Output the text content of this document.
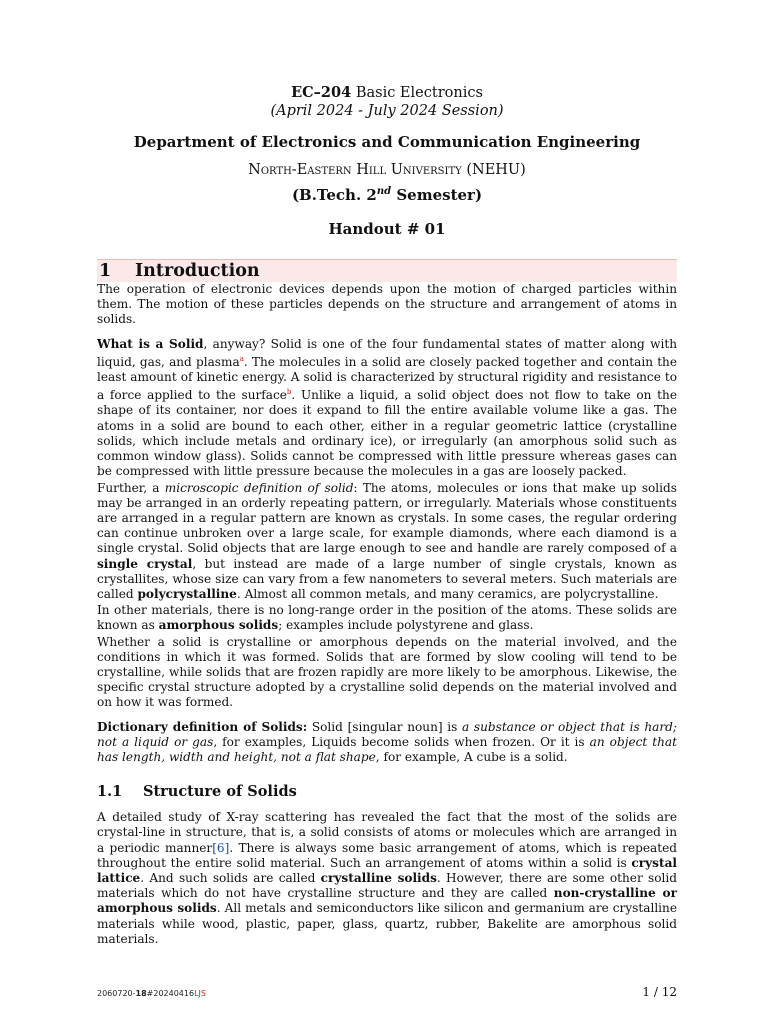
EC–204 Basic Electronics
(April 2024 - July 2024 Session)
Department of Electronics and Communication Engineering
North-Eastern Hill University (NEHU)
(B.Tech. 2nd Semester)
Handout # 01
1 Introduction

The operation of electronic devices depends upon the motion of charged particles within them. The motion of these particles depends on the structure and arrangement of atoms in solids.

What is a Solid, anyway? Solid is one of the four fundamental states of matter along with liquid, gas, and plasma$^a$. The molecules in a solid are closely packed together and contain the least amount of kinetic energy. A solid is characterized by structural rigidity and resistance to a force applied to the surface$^b$. Unlike a liquid, a solid object does not flow to take on the shape of its container, nor does it expand to fill the entire available volume like a gas. The atoms in a solid are bound to each other, either in a regular geometric lattice (crystalline solids, which include metals and ordinary ice), or irregularly (an amorphous solid such as common window glass). Solids cannot be compressed with little pressure whereas gases can be compressed with little pressure because the molecules in a gas are loosely packed.

Further, a microscopic definition of solid: The atoms, molecules or ions that make up solids may be arranged in an orderly repeating pattern, or irregularly. Materials whose constituents are arranged in a regular pattern are known as crystals. In some cases, the regular ordering can continue unbroken over a large scale, for example diamonds, where each diamond is a single crystal. Solid objects that are large enough to see and handle are rarely composed of a single crystal, but instead are made of a large number of single crystals, known as crystallites, whose size can vary from a few nanometers to several meters. Such materials are called polycrystalline. Almost all common metals, and many ceramics, are polycrystalline.

In other materials, there is no long-range order in the position of the atoms. These solids are known as amorphous solids; examples include polystyrene and glass.

Whether a solid is crystalline or amorphous depends on the material involved, and the conditions in which it was formed. Solids that are formed by slow cooling will tend to be crystalline, while solids that are frozen rapidly are more likely to be amorphous. Likewise, the specific crystal structure adopted by a crystalline solid depends on the material involved and on how it was formed.

Dictionary definition of Solids: Solid [singular noun] is a substance or object that is hard; not a liquid or gas, for examples, Liquids become solids when frozen. Or it is an object that has length, width and height, not a flat shape, for example, A cube is a solid.

1.1 Structure of Solids

A detailed study of X-ray scattering has revealed the fact that the most of the solids are crystal-line in structure, that is, a solid consists of atoms or molecules which are arranged in a periodic manner[6]. There is always some basic arrangement of atoms, which is repeated throughout the entire solid material. Such an arrangement of atoms within a solid is crystal lattice. And such solids are called crystalline solids. However, there are some other solid materials which do not have crystalline structure and they are called non-crystalline or amorphous solids. All metals and semiconductors like silicon and germanium are crystalline materials while wood, plastic, paper, glass, quartz, rubber, Bakelite are amorphous solid materials.

2060720-18#20240416LJS	1 / 12
